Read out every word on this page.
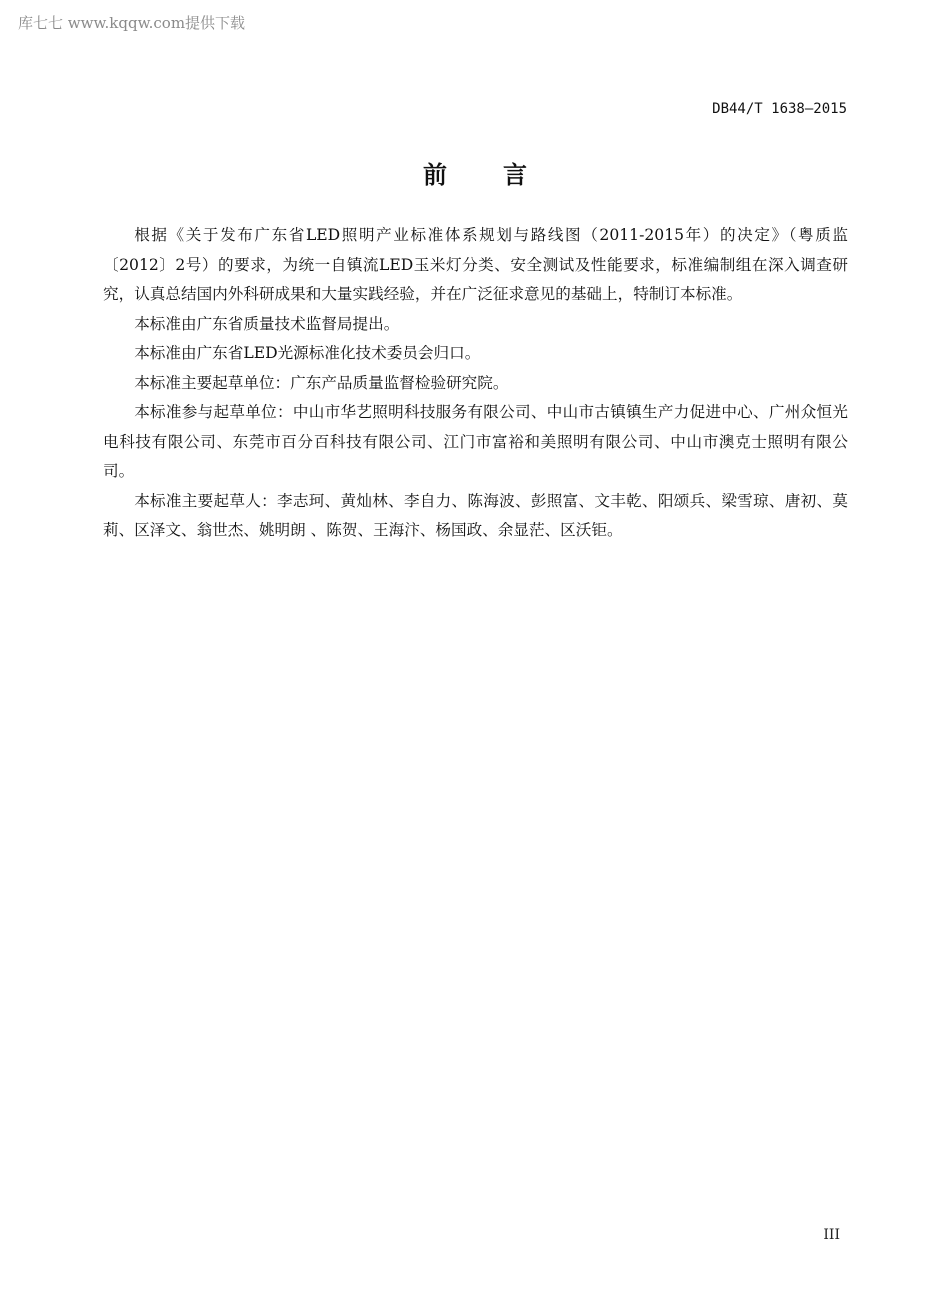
库七七 www.kqqw.com提供下载
DB44/T 1638—2015
前言

根据《关于发布广东省LED照明产业标准体系规划与路线图（2011-2015年）的决定》（粤质监〔2012〕2号）的要求，为统一自镇流LED玉米灯分类、安全测试及性能要求，标准编制组在深入调查研究，认真总结国内外科研成果和大量实践经验，并在广泛征求意见的基础上，特制订本标准。

本标准由广东省质量技术监督局提出。

本标准由广东省LED光源标准化技术委员会归口。

本标准主要起草单位：广东产品质量监督检验研究院。

本标准参与起草单位：中山市华艺照明科技服务有限公司、中山市古镇镇生产力促进中心、广州众恒光电科技有限公司、东莞市百分百科技有限公司、江门市富裕和美照明有限公司、中山市澳克士照明有限公司。

本标准主要起草人：李志珂、黄灿林、李自力、陈海波、彭照富、文丰乾、阳颂兵、梁雪琼、唐初、莫莉、区泽文、翁世杰、姚明朗 、陈贺、王海汴、杨国政、余显茫、区沃钜。

III
